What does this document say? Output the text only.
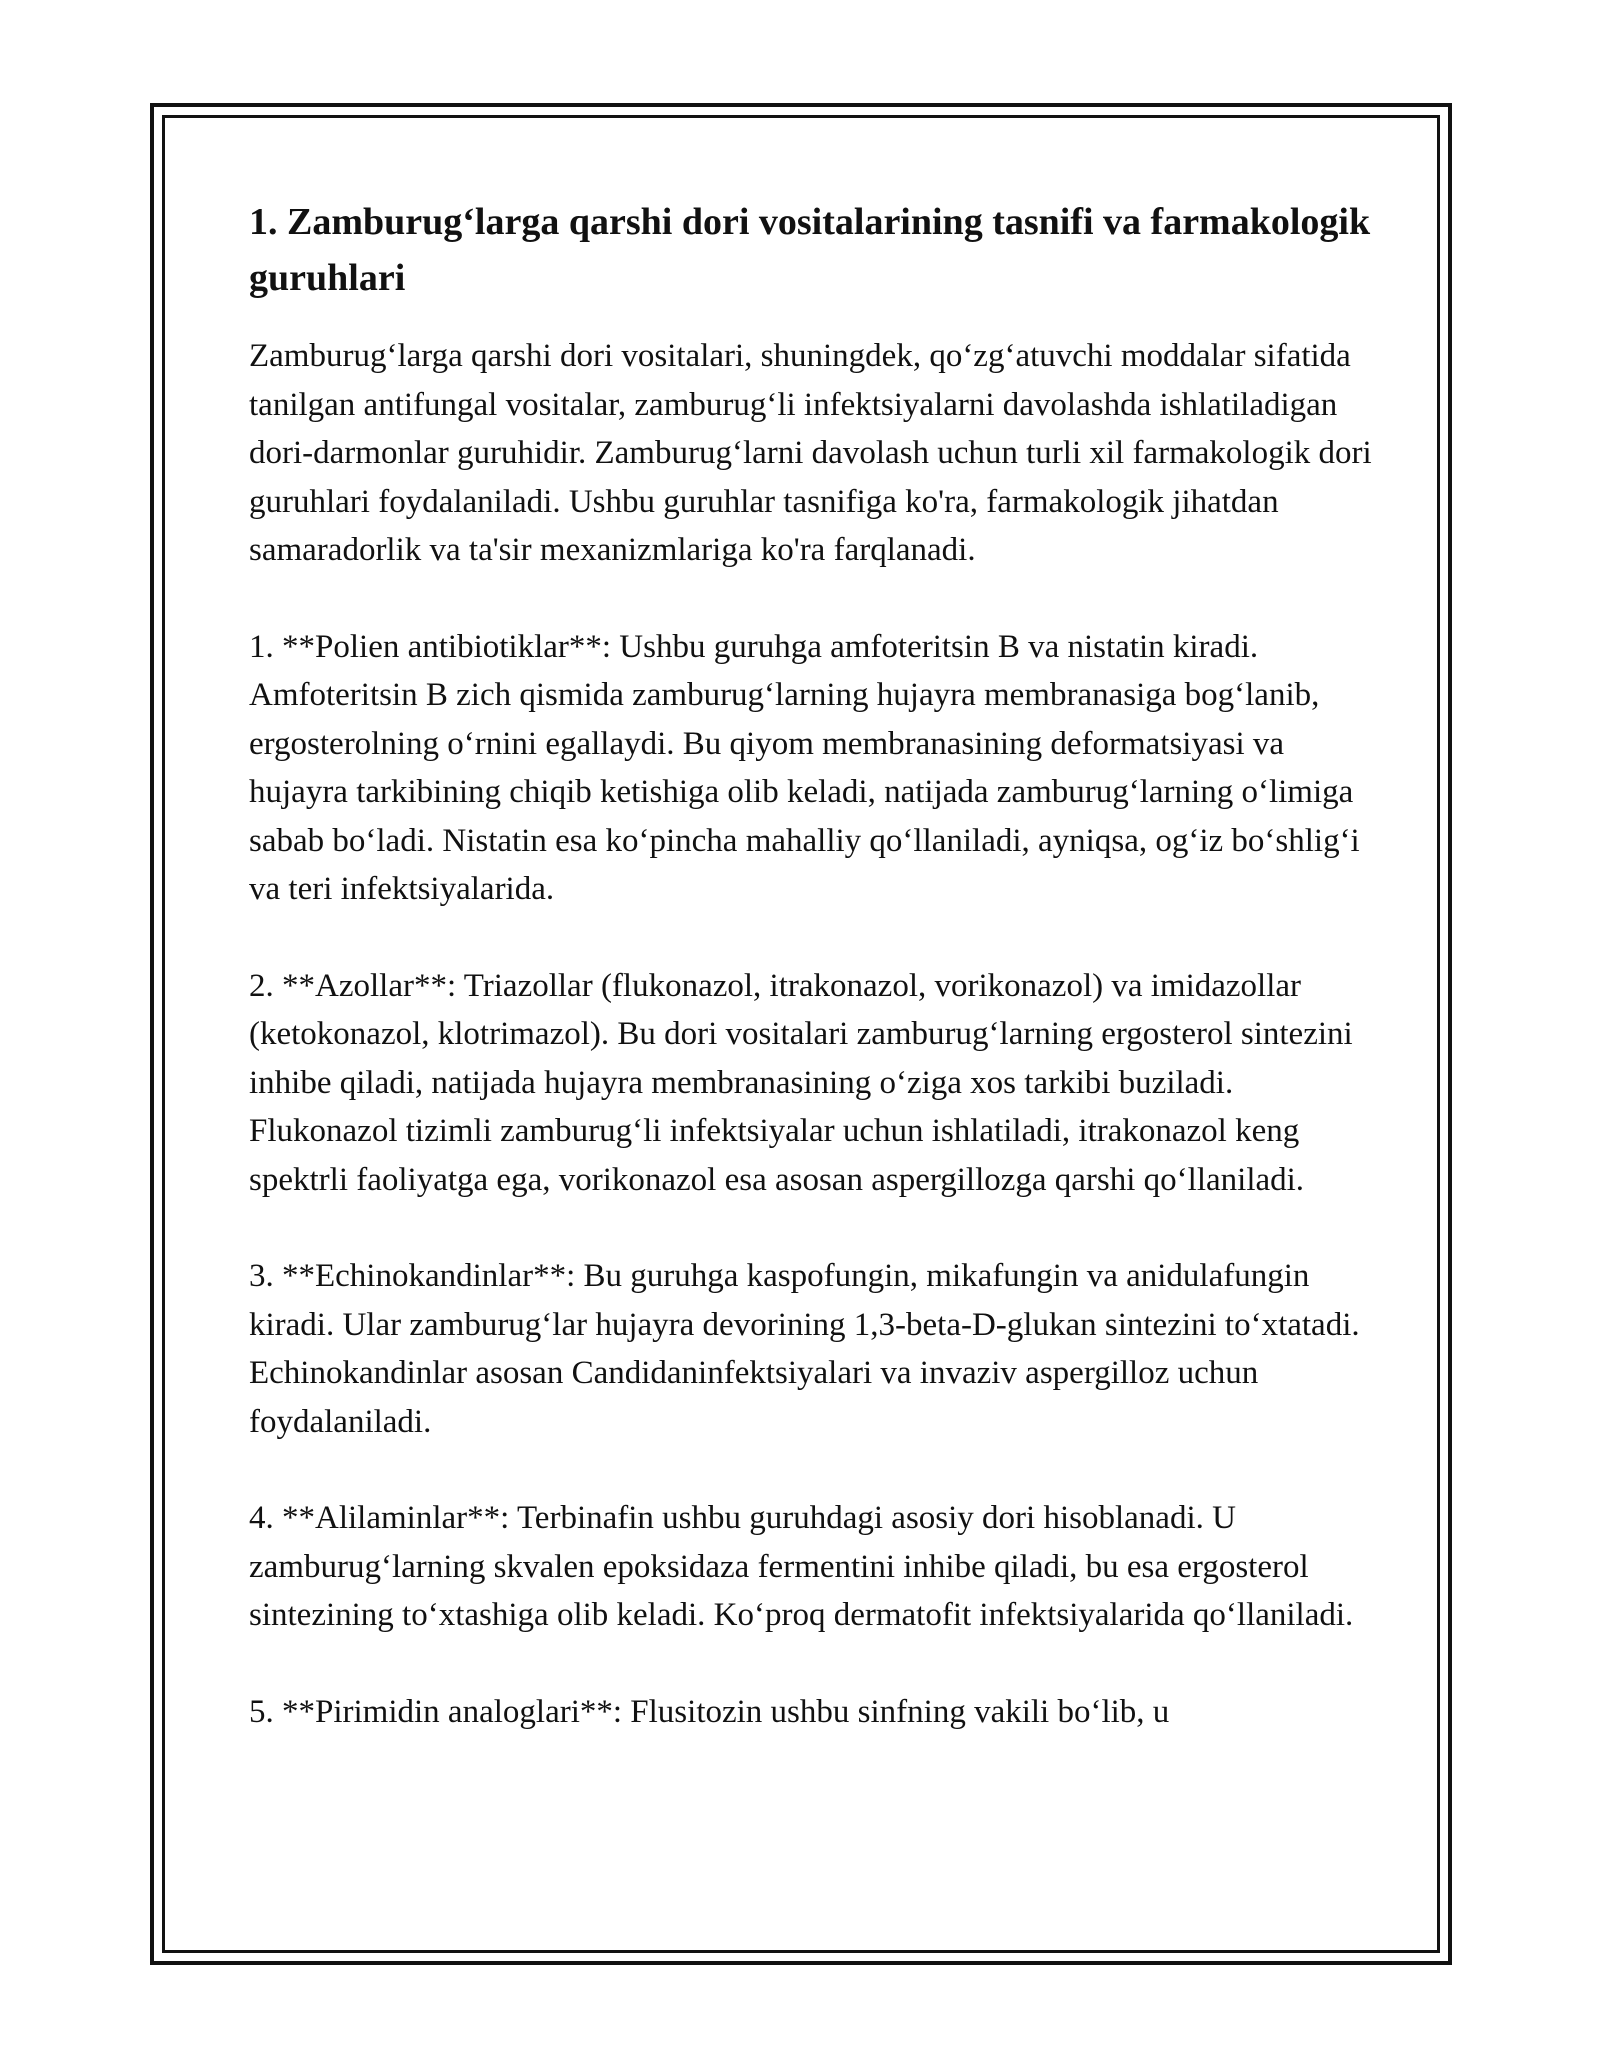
1. Zamburug‘larga qarshi dori vositalarining tasnifi va farmakologik guruhlari

Zamburug‘larga qarshi dori vositalari, shuningdek, qo‘zg‘atuvchi moddalar sifatida tanilgan antifungal vositalar, zamburug‘li infektsiyalarni davolashda ishlatiladigan dori-darmonlar guruhidir. Zamburug‘larni davolash uchun turli xil farmakologik dori guruhlari foydalaniladi. Ushbu guruhlar tasnifiga ko'ra, farmakologik jihatdan samaradorlik va ta'sir mexanizmlariga ko'ra farqlanadi.

1. **Polien antibiotiklar**: Ushbu guruhga amfoteritsin B va nistatin kiradi. Amfoteritsin B zich qismida zamburug‘larning hujayra membranasiga bog‘lanib, ergosterolning o‘rnini egallaydi. Bu qiyom membranasining deformatsiyasi va hujayra tarkibining chiqib ketishiga olib keladi, natijada zamburug‘larning o‘limiga sabab bo‘ladi. Nistatin esa ko‘pincha mahalliy qo‘llaniladi, ayniqsa, og‘iz bo‘shlig‘i va teri infektsiyalarida.

2. **Azollar**: Triazollar (flukonazol, itrakonazol, vorikonazol) va imidazollar (ketokonazol, klotrimazol). Bu dori vositalari zamburug‘larning ergosterol sintezini inhibe qiladi, natijada hujayra membranasining o‘ziga xos tarkibi buziladi. Flukonazol tizimli zamburug‘li infektsiyalar uchun ishlatiladi, itrakonazol keng spektrli faoliyatga ega, vorikonazol esa asosan aspergillozga qarshi qo‘llaniladi.

3. **Echinokandinlar**: Bu guruhga kaspofungin, mikafungin va anidulafungin kiradi. Ular zamburug‘lar hujayra devorining 1,3-beta-D-glukan sintezini to‘xtatadi. Echinokandinlar asosan Candidaninfektsiyalari va invaziv aspergilloz uchun foydalaniladi.

4. **Alilaminlar**: Terbinafin ushbu guruhdagi asosiy dori hisoblanadi. U zamburug‘larning skvalen epoksidaza fermentini inhibe qiladi, bu esa ergosterol sintezining to‘xtashiga olib keladi. Ko‘proq dermatofit infektsiyalarida qo‘llaniladi.

5. **Pirimidin analoglari**: Flusitozin ushbu sinfning vakili bo‘lib, u
